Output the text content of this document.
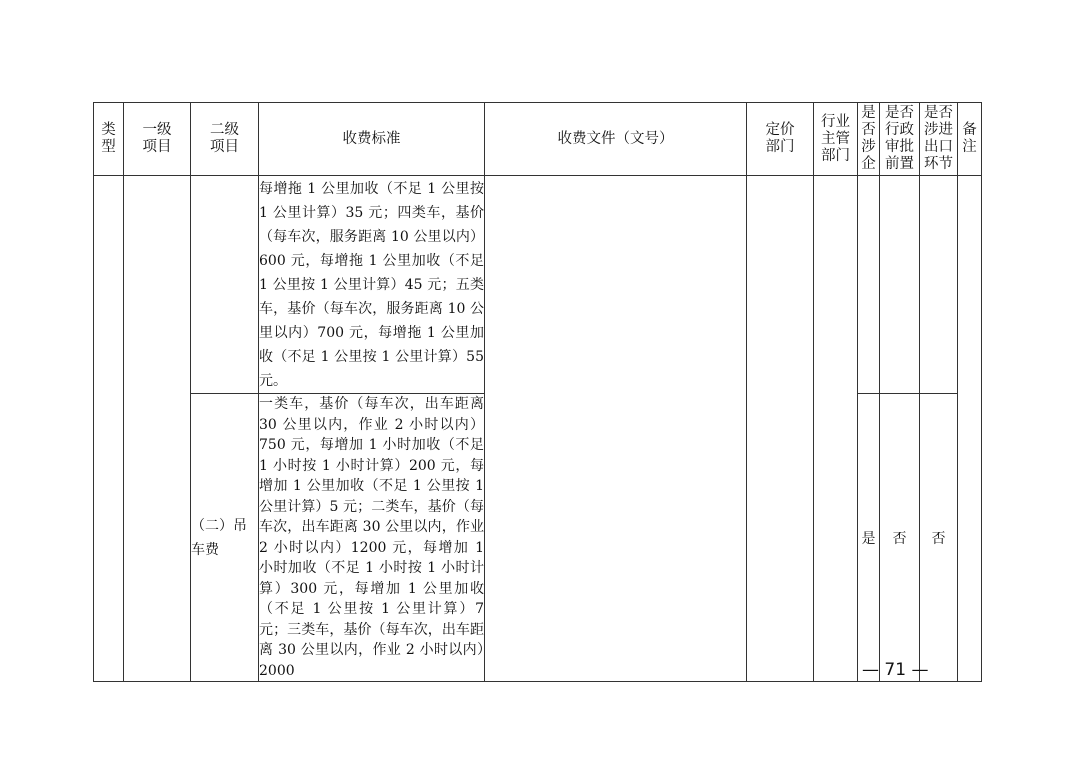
类型	一级项目	二级项目	收费标准	收费文件（文号）	定价部门	行业主管部门	是否涉企	是否行政审批前置	是否涉进出口环节	备注
			每增拖 1 公里加收（不足 1 公里按 1 公里计算）35 元；四类车，基价（每车次，服务距离 10 公里以内）600 元，每增拖 1 公里加收（不足 1 公里按 1 公里计算）45 元；五类车，基价（每车次，服务距离 10 公里以内）700 元，每增拖 1 公里加收（不足 1 公里按 1 公里计算）55 元。							
		（二）吊车费	一类车，基价（每车次，出车距离 30 公里以内，作业 2 小时以内）750 元，每增加 1 小时加收（不足 1 小时按 1 小时计算）200 元，每增加 1 公里加收（不足 1 公里按 1 公里计算）5 元；二类车，基价（每车次，出车距离 30 公里以内，作业 2 小时以内）1200 元，每增加 1 小时加收（不足 1 小时按 1 小时计算）300 元，每增加 1 公里加收（不足 1 公里按 1 公里计算）7 元；三类车，基价（每车次，出车距离 30 公里以内，作业 2 小时以内）2000				是	否	否	
— 71 —
